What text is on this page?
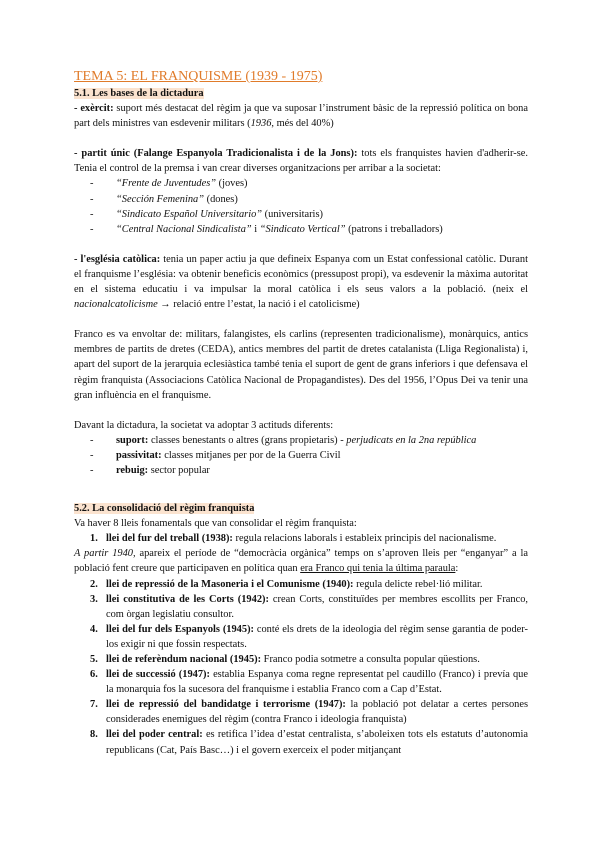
TEMA 5: EL FRANQUISME (1939 - 1975)
5.1. Les bases de la dictadura

- exèrcit: suport més destacat del règim ja que va suposar l’instrument bàsic de la repressió política on bona part dels ministres van esdevenir militars (1936, més del 40%)

- partit únic (Falange Espanyola Tradicionalista i de la Jons): tots els franquistes havien d'adherir-se. Tenia el control de la premsa i van crear diverses organitzacions per arribar a la societat:

- “Frente de Juventudes” (joves)
- “Sección Femenina” (dones)
- “Sindicato Español Universitario” (universitaris)
- “Central Nacional Sindicalista” i “Sindicato Vertical” (patrons i treballadors)

- l'església catòlica: tenia un paper actiu ja que defineix Espanya com un Estat confessional catòlic. Durant el franquisme l’església: va obtenir beneficis econòmics (pressupost propi), va esdevenir la màxima autoritat en el sistema educatiu i va impulsar la moral catòlica i els seus valors a la població. (neix el nacionalcatolicisme → relació entre l’estat, la nació i el catolicisme)

Franco es va envoltar de: militars, falangistes, els carlins (representen tradicionalisme), monàrquics, antics membres de partits de dretes (CEDA), antics membres del partit de dretes catalanista (Lliga Regionalista) i, apart del suport de la jerarquia eclesiàstica també tenia el suport de gent de grans inferiors i que defensava el règim franquista (Associacions Catòlica Nacional de Propagandistes). Des del 1956, l’Opus Dei va tenir una gran influència en el franquisme.

Davant la dictadura, la societat va adoptar 3 actituds diferents:

- suport: classes benestants o altres (grans propietaris) - perjudicats en la 2na república
- passivitat: classes mitjanes per por de la Guerra Civil
- rebuig: sector popular
5.2. La consolidació del règim franquista

Va haver 8 lleis fonamentals que van consolidar el règim franquista:

1. llei del fur del treball (1938): regula relacions laborals i estableix principis del nacionalisme.

A partir 1940, apareix el període de “democràcia orgànica” temps on s’aproven lleis per “enganyar” a la població fent creure que participaven en política quan era Franco qui tenia la última paraula:

2. llei de repressió de la Masoneria i el Comunisme (1940): regula delicte rebel·lió militar.
3. llei constitutiva de les Corts (1942): crean Corts, constituïdes per membres escollits per Franco, com òrgan legislatiu consultor.
4. llei del fur dels Espanyols (1945): conté els drets de la ideologia del règim sense garantia de poder-los exigir ni que fossin respectats.
5. llei de referèndum nacional (1945): Franco podia sotmetre a consulta popular qüestions.
6. llei de successió (1947): establia Espanya coma regne representat pel caudillo (Franco) i prevía que la monarquia fos la sucesora del franquisme i establia Franco com a Cap d’Estat.
7. llei de repressió del bandidatge i terrorisme (1947): la població pot delatar a certes persones considerades enemigues del règim (contra Franco i ideologia franquista)
8. llei del poder central: es retifica l’idea d’estat centralista, s’aboleixen tots els estatuts d’autonomia republicans (Cat, País Basc…) i el govern exerceix el poder mitjançant
